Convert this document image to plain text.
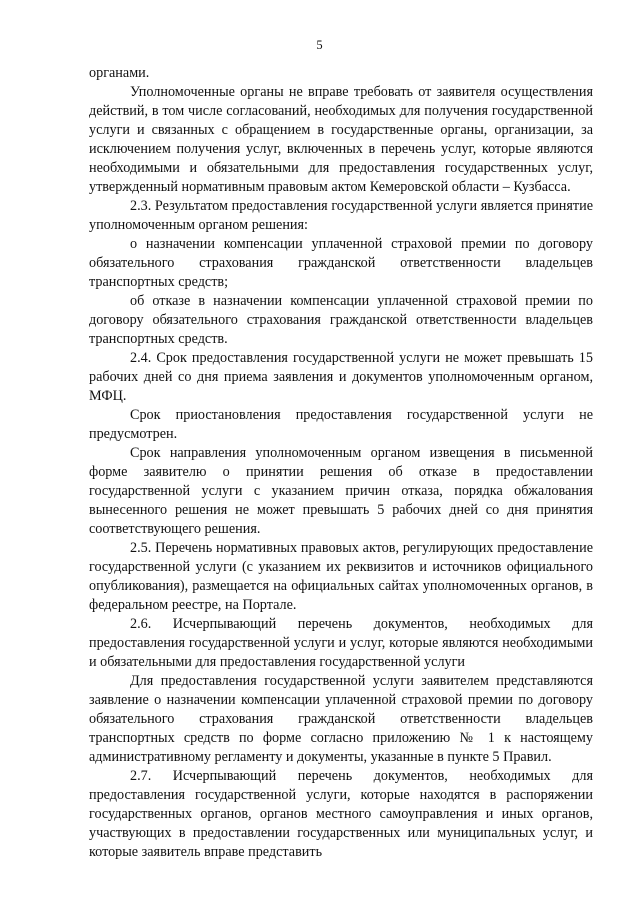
5

органами.

Уполномоченные органы не вправе требовать от заявителя осуществления действий, в том числе согласований, необходимых для получения государственной услуги и связанных с обращением в государственные органы, организации, за исключением получения услуг, включенных в перечень услуг, которые являются необходимыми и обязательными для предоставления государственных услуг, утвержденный нормативным правовым актом Кемеровской области – Кузбасса.

2.3. Результатом предоставления государственной услуги является принятие уполномоченным органом решения:

о назначении компенсации уплаченной страховой премии по договору обязательного страхования гражданской ответственности владельцев транспортных средств;

об отказе в назначении компенсации уплаченной страховой премии по договору обязательного страхования гражданской ответственности владельцев транспортных средств.

2.4. Срок предоставления государственной услуги не может превышать 15 рабочих дней со дня приема заявления и документов уполномоченным органом, МФЦ.

Срок приостановления предоставления государственной услуги не предусмотрен.

Срок направления уполномоченным органом извещения в письменной форме заявителю о принятии решения об отказе в предоставлении государственной услуги с указанием причин отказа, порядка обжалования вынесенного решения не может превышать 5 рабочих дней со дня принятия соответствующего решения.

2.5. Перечень нормативных правовых актов, регулирующих предоставление государственной услуги (с указанием их реквизитов и источников официального опубликования), размещается на официальных сайтах уполномоченных органов, в федеральном реестре, на Портале.

2.6. Исчерпывающий перечень документов, необходимых для предоставления государственной услуги и услуг, которые являются необходимыми и обязательными для предоставления государственной услуги

Для предоставления государственной услуги заявителем представляются заявление о назначении компенсации уплаченной страховой премии по договору обязательного страхования гражданской ответственности владельцев транспортных средств по форме согласно приложению № 1 к настоящему административному регламенту и документы, указанные в пункте 5 Правил.

2.7. Исчерпывающий перечень документов, необходимых для предоставления государственной услуги, которые находятся в распоряжении государственных органов, органов местного самоуправления и иных органов, участвующих в предоставлении государственных или муниципальных услуг, и которые заявитель вправе представить
